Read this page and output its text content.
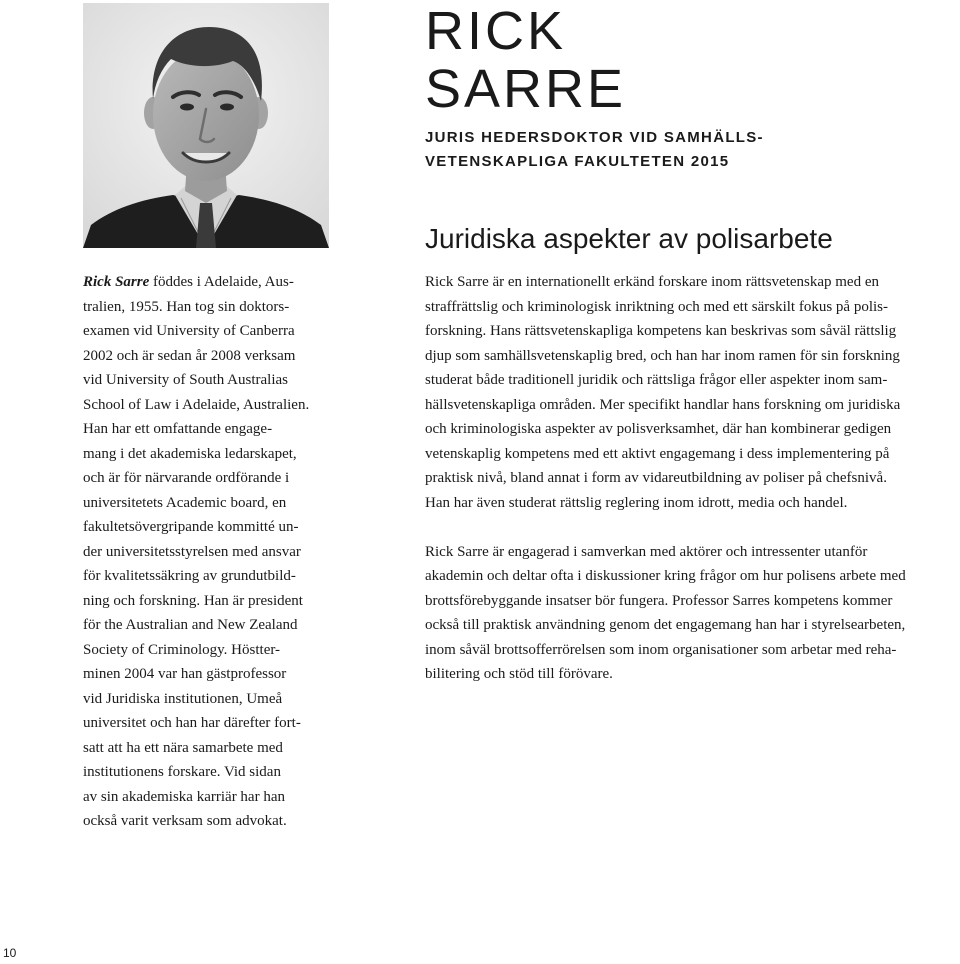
RICK
SARRE
JURIS HEDERSDOKTOR VID SAMHÄLLS-
VETENSKAPLIGA FAKULTETEN 2015
Juridiska aspekter av polisarbete
Rick Sarre föddes i Adelaide, Aus-
tralien, 1955. Han tog sin doktors-
examen vid University of Canberra
2002 och är sedan år 2008 verksam
vid University of South Australias
School of Law i Adelaide, Australien.
Han har ett omfattande engage-
mang i det akademiska ledarskapet,
och är för närvarande ordförande i
universitetets Academic board, en
fakultetsövergripande kommitté un-
der universitetsstyrelsen med ansvar
för kvalitetssäkring av grundutbild-
ning och forskning. Han är president
för the Australian and New Zealand
Society of Criminology. Höstter-
minen 2004 var han gästprofessor
vid Juridiska institutionen, Umeå
universitet och han har därefter fort-
satt att ha ett nära samarbete med
institutionens forskare. Vid sidan
av sin akademiska karriär har han
också varit verksam som advokat.

Rick Sarre är en internationellt erkänd forskare inom rättsvetenskap med en
straffrättslig och kriminologisk inriktning och med ett särskilt fokus på polis-
forskning. Hans rättsvetenskapliga kompetens kan beskrivas som såväl rättslig
djup som samhällsvetenskaplig bred, och han har inom ramen för sin forskning
studerat både traditionell juridik och rättsliga frågor eller aspekter inom sam-
hällsvetenskapliga områden. Mer specifikt handlar hans forskning om juridiska
och kriminologiska aspekter av polisverksamhet, där han kombinerar gedigen
vetenskaplig kompetens med ett aktivt engagemang i dess implementering på
praktisk nivå, bland annat i form av vidareutbildning av poliser på chefsnivå.
Han har även studerat rättslig reglering inom idrott, media och handel.

Rick Sarre är engagerad i samverkan med aktörer och intressenter utanför
akademin och deltar ofta i diskussioner kring frågor om hur polisens arbete med
brottsförebyggande insatser bör fungera. Professor Sarres kompetens kommer
också till praktisk användning genom det engagemang han har i styrelsearbeten,
inom såväl brottsofferrörelsen som inom organisationer som arbetar med reha-
bilitering och stöd till förövare.

10
